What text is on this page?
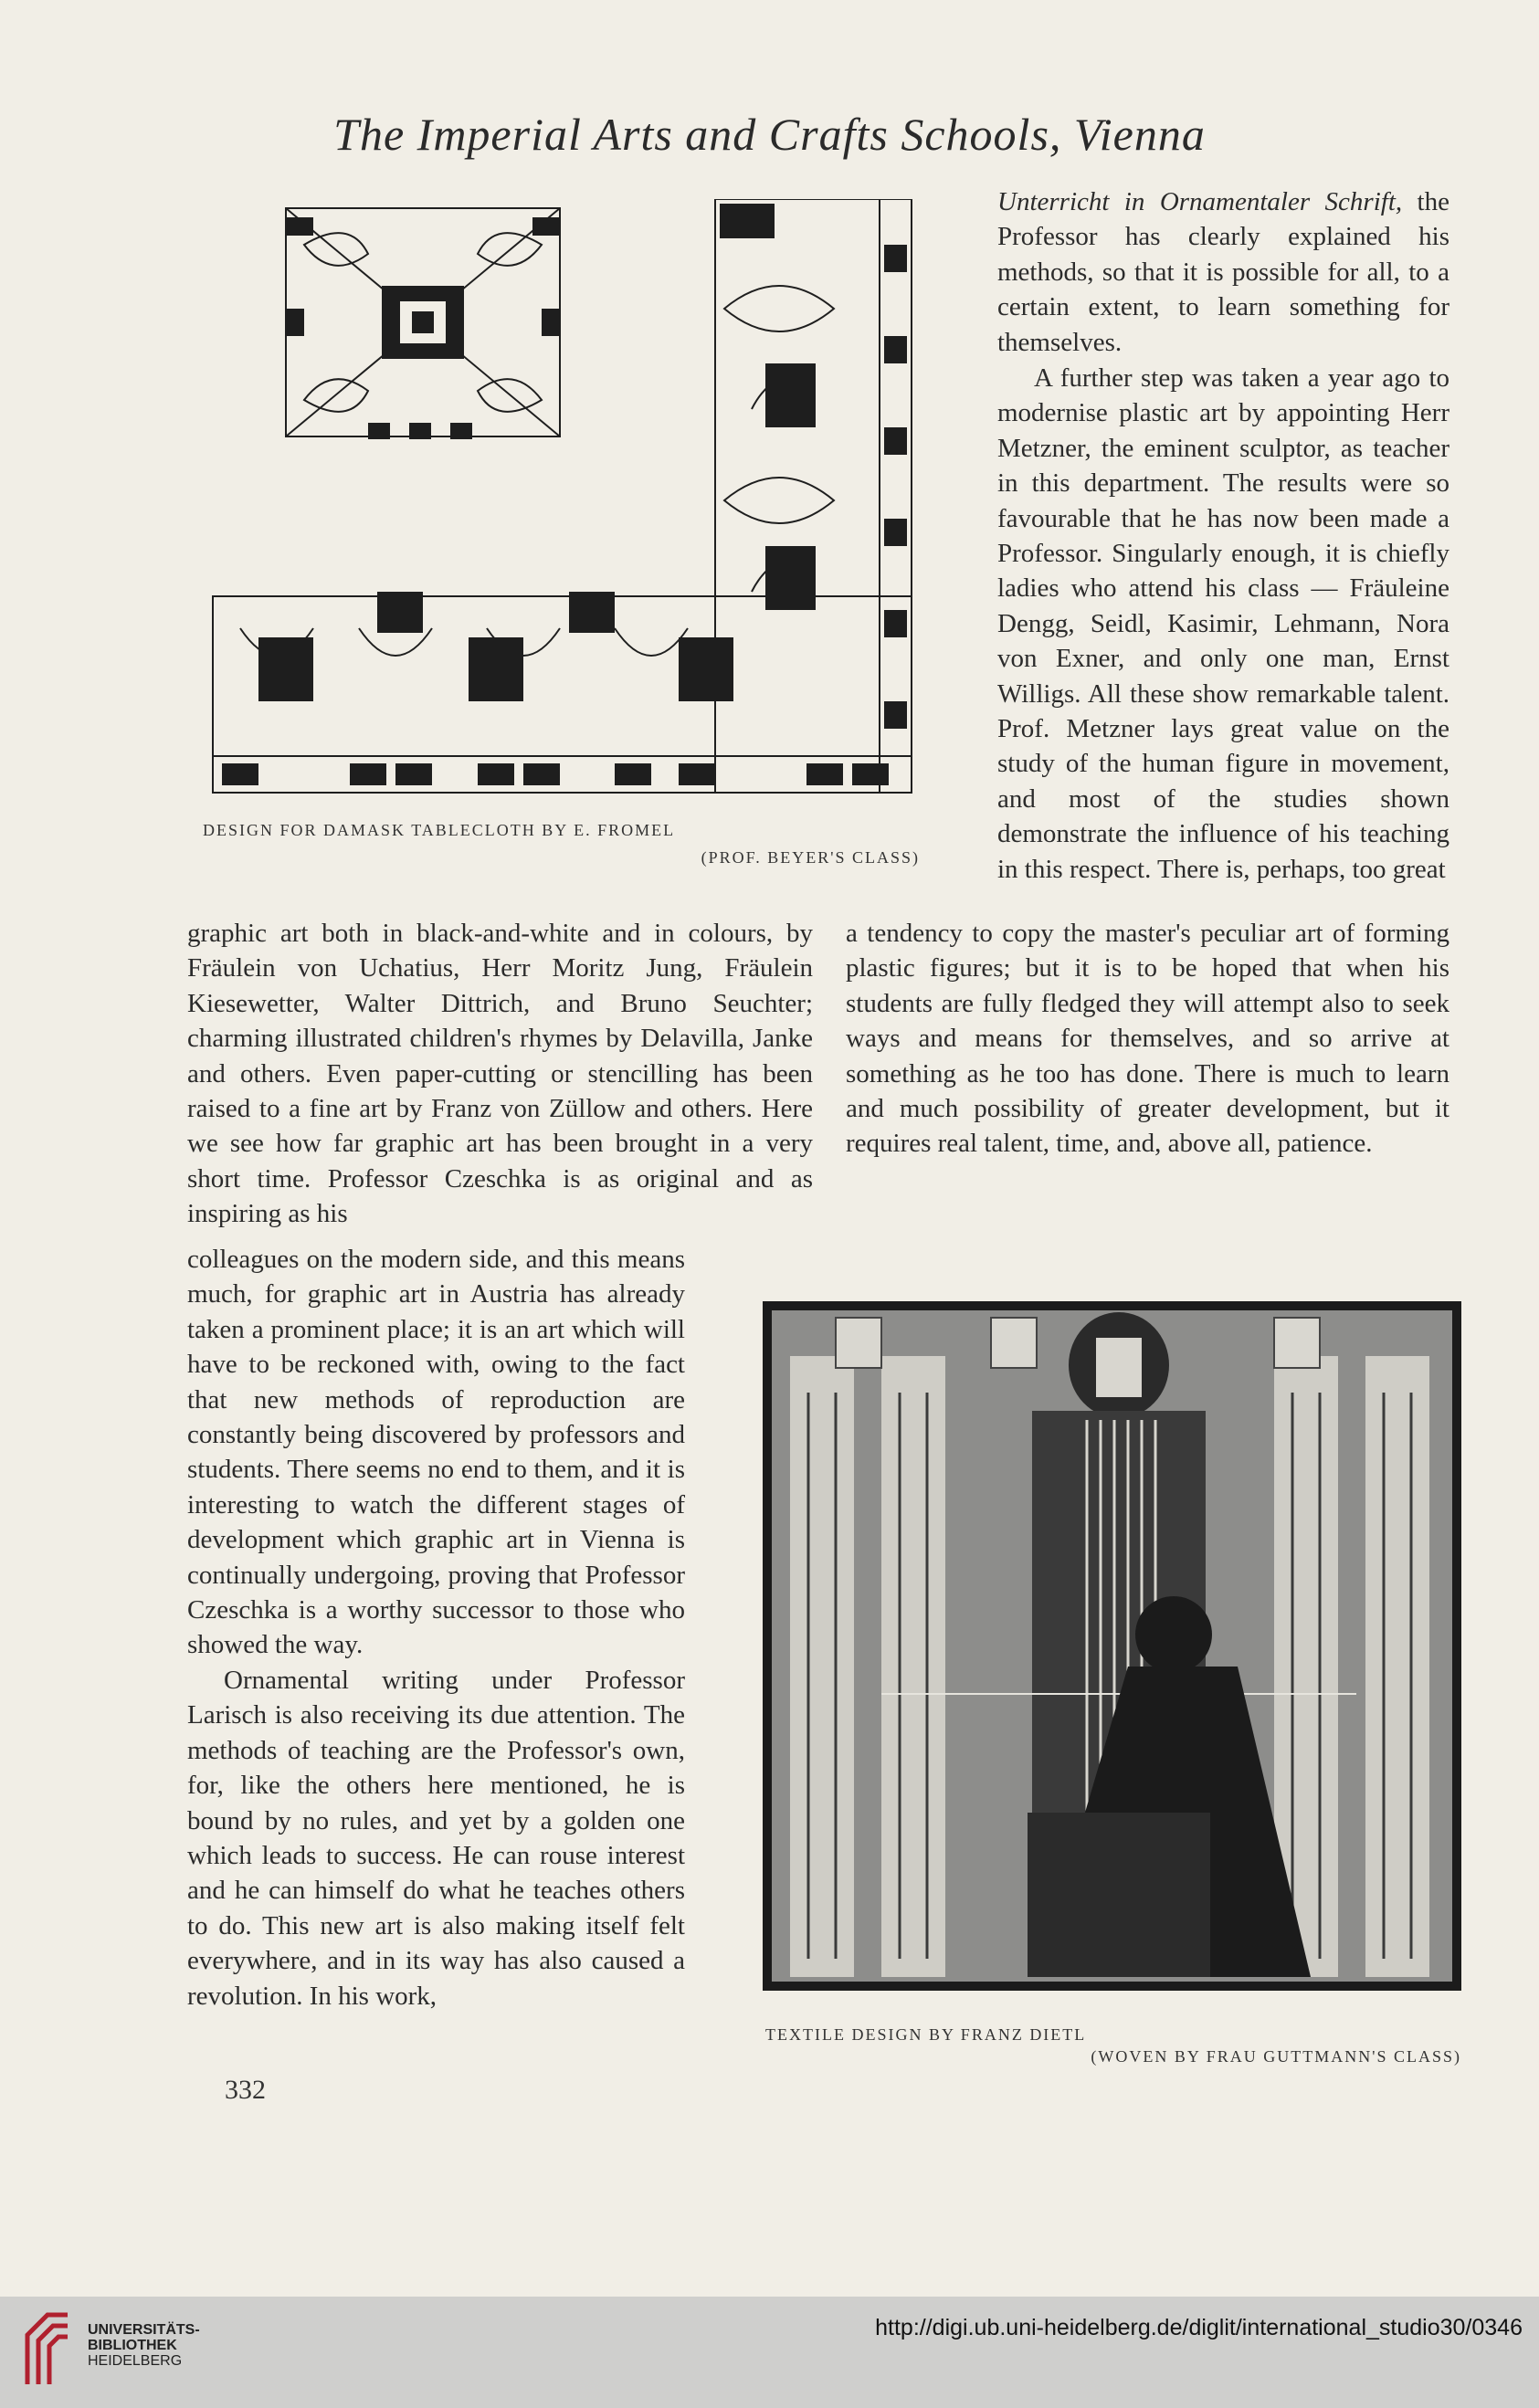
The Imperial Arts and Crafts Schools, Vienna
DESIGN FOR DAMASK TABLECLOTH BY E. FROMEL
(PROF. BEYER'S CLASS)

Unterricht in Ornamentaler Schrift, the Professor has clearly explained his methods, so that it is possible for all, to a certain extent, to learn something for themselves.

A further step was taken a year ago to modernise plastic art by appointing Herr Metzner, the eminent sculptor, as teacher in this department. The results were so favourable that he has now been made a Professor. Singularly enough, it is chiefly ladies who attend his class — Fräuleine Dengg, Seidl, Kasimir, Lehmann, Nora von Exner, and only one man, Ernst Willigs. All these show remarkable talent. Prof. Metzner lays great value on the study of the human figure in movement, and most of the studies shown demonstrate the influence of his teaching in this respect. There is, perhaps, too great

a tendency to copy the master's peculiar art of forming plastic figures; but it is to be hoped that when his students are fully fledged they will attempt also to seek ways and means for themselves, and so arrive at something as he too has done. There is much to learn and much possibility of greater development, but it requires real talent, time, and, above all, patience.

graphic art both in black-and-white and in colours, by Fräulein von Uchatius, Herr Moritz Jung, Fräulein Kiesewetter, Walter Dittrich, and Bruno Seuchter; charming illustrated children's rhymes by Delavilla, Janke and others. Even paper-cutting or stencilling has been raised to a fine art by Franz von Züllow and others. Here we see how far graphic art has been brought in a very short time. Professor Czeschka is as original and as inspiring as his

colleagues on the modern side, and this means much, for graphic art in Austria has already taken a prominent place; it is an art which will have to be reckoned with, owing to the fact that new methods of reproduction are constantly being discovered by professors and students. There seems no end to them, and it is interesting to watch the different stages of development which graphic art in Vienna is continually undergoing, proving that Professor Czeschka is a worthy successor to those who showed the way.

Ornamental writing under Professor Larisch is also receiving its due attention. The methods of teaching are the Professor's own, for, like the others here mentioned, he is bound by no rules, and yet by a golden one which leads to success. He can rouse interest and he can himself do what he teaches others to do. This new art is also making itself felt everywhere, and in its way has also caused a revolution. In his work,

TEXTILE DESIGN BY FRANZ DIETL
(WOVEN BY FRAU GUTTMANN'S CLASS)
332
UNIVERSITÄTS-
BIBLIOTHEK
HEIDELBERG
http://digi.ub.uni-heidelberg.de/diglit/international_studio30/0346
